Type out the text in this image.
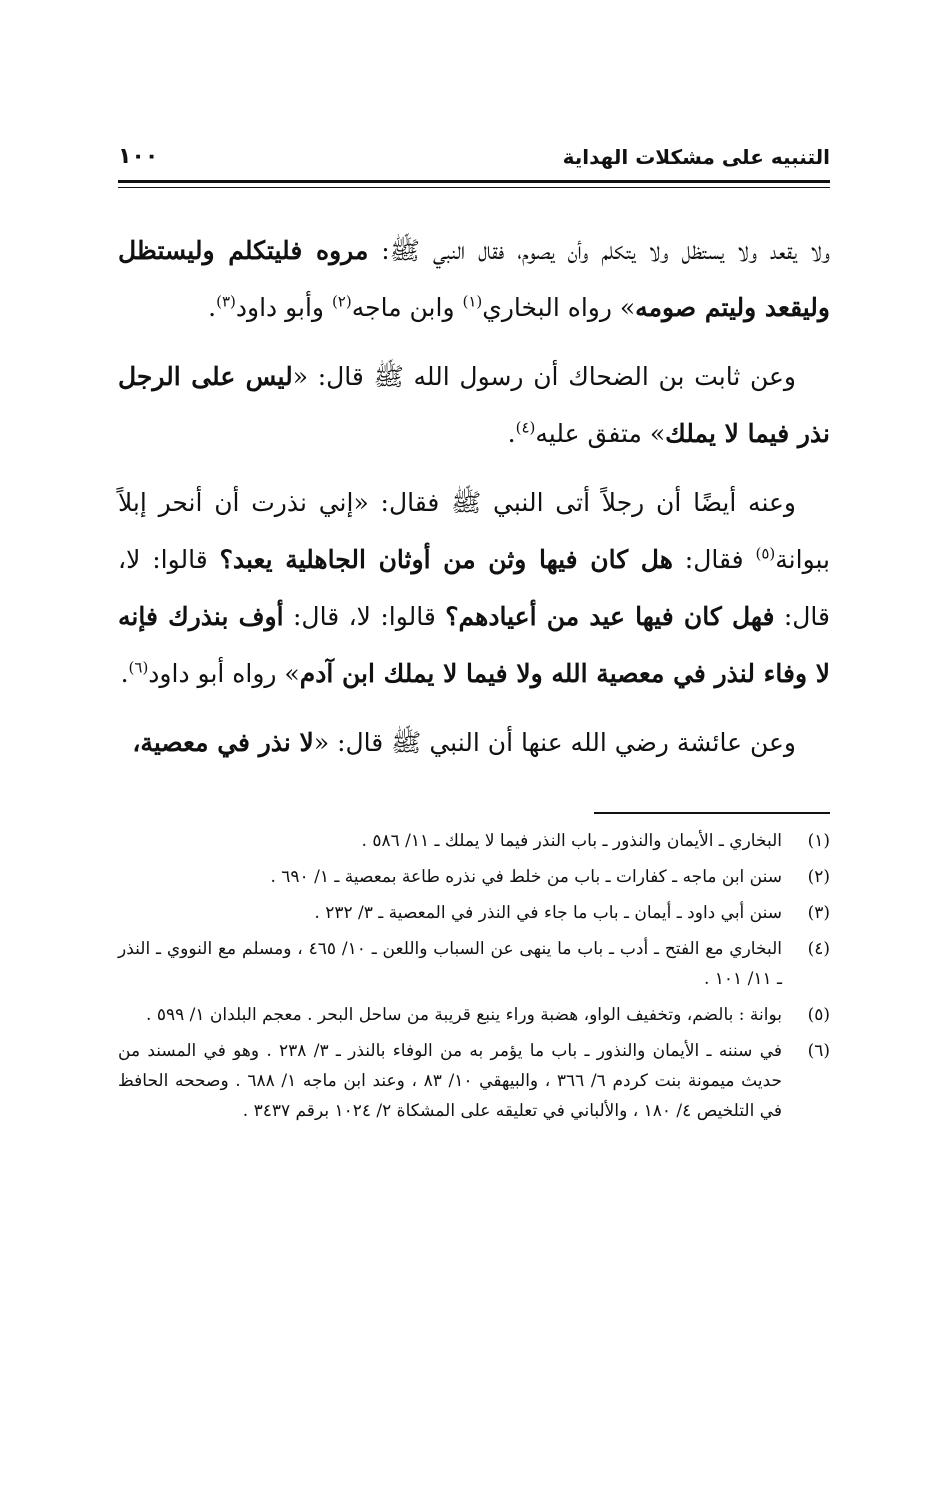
التنبيه على مشكلات الهداية
١٠٠

ولا يقعد ولا يستظل ولا يتكلم وأن يصوم، فقال النبي ﷺ: مروه فليتكلم وليستظل وليقعد وليتم صومه» رواه البخاري$^{(١)}$ وابن ماجه$^{(٢)}$ وأبو داود$^{(٣)}$.

وعن ثابت بن الضحاك أن رسول الله ﷺ قال: «ليس على الرجل نذر فيما لا يملك» متفق عليه$^{(٤)}$.

وعنه أيضًا أن رجلاً أتى النبي ﷺ فقال: «إني نذرت أن أنحر إبلاً ببوانة$^{(٥)}$ فقال: هل كان فيها وثن من أوثان الجاهلية يعبد؟ قالوا: لا، قال: فهل كان فيها عيد من أعيادهم؟ قالوا: لا، قال: أوف بنذرك فإنه لا وفاء لنذر في معصية الله ولا فيما لا يملك ابن آدم» رواه أبو داود$^{(٦)}$.

وعن عائشة رضي الله عنها أن النبي ﷺ قال: «لا نذر في معصية،

(١)
البخاري ـ الأيمان والنذور ـ باب النذر فيما لا يملك ـ ١١/ ٥٨٦ .
(٢)
سنن ابن ماجه ـ كفارات ـ باب من خلط في نذره طاعة بمعصية ـ ١/ ٦٩٠ .
(٣)
سنن أبي داود ـ أيمان ـ باب ما جاء في النذر في المعصية ـ ٣/ ٢٣٢ .
(٤)
البخاري مع الفتح ـ أدب ـ باب ما ينهى عن السباب واللعن ـ ١٠/ ٤٦٥ ، ومسلم مع النووي ـ النذر ـ ١١/ ١٠١ .
(٥)
بوانة : بالضم، وتخفيف الواو، هضبة وراء ينبع قريبة من ساحل البحر . معجم البلدان ١/ ٥٩٩ .
(٦)
في سننه ـ الأيمان والنذور ـ باب ما يؤمر به من الوفاء بالنذر ـ ٣/ ٢٣٨ . وهو في المسند من حديث ميمونة بنت كردم ٦/ ٣٦٦ ، والبيهقي ١٠/ ٨٣ ، وعند ابن ماجه ١/ ٦٨٨ . وصححه الحافظ في التلخيص ٤/ ١٨٠ ، والألباني في تعليقه على المشكاة ٢/ ١٠٢٤ برقم ٣٤٣٧ .
